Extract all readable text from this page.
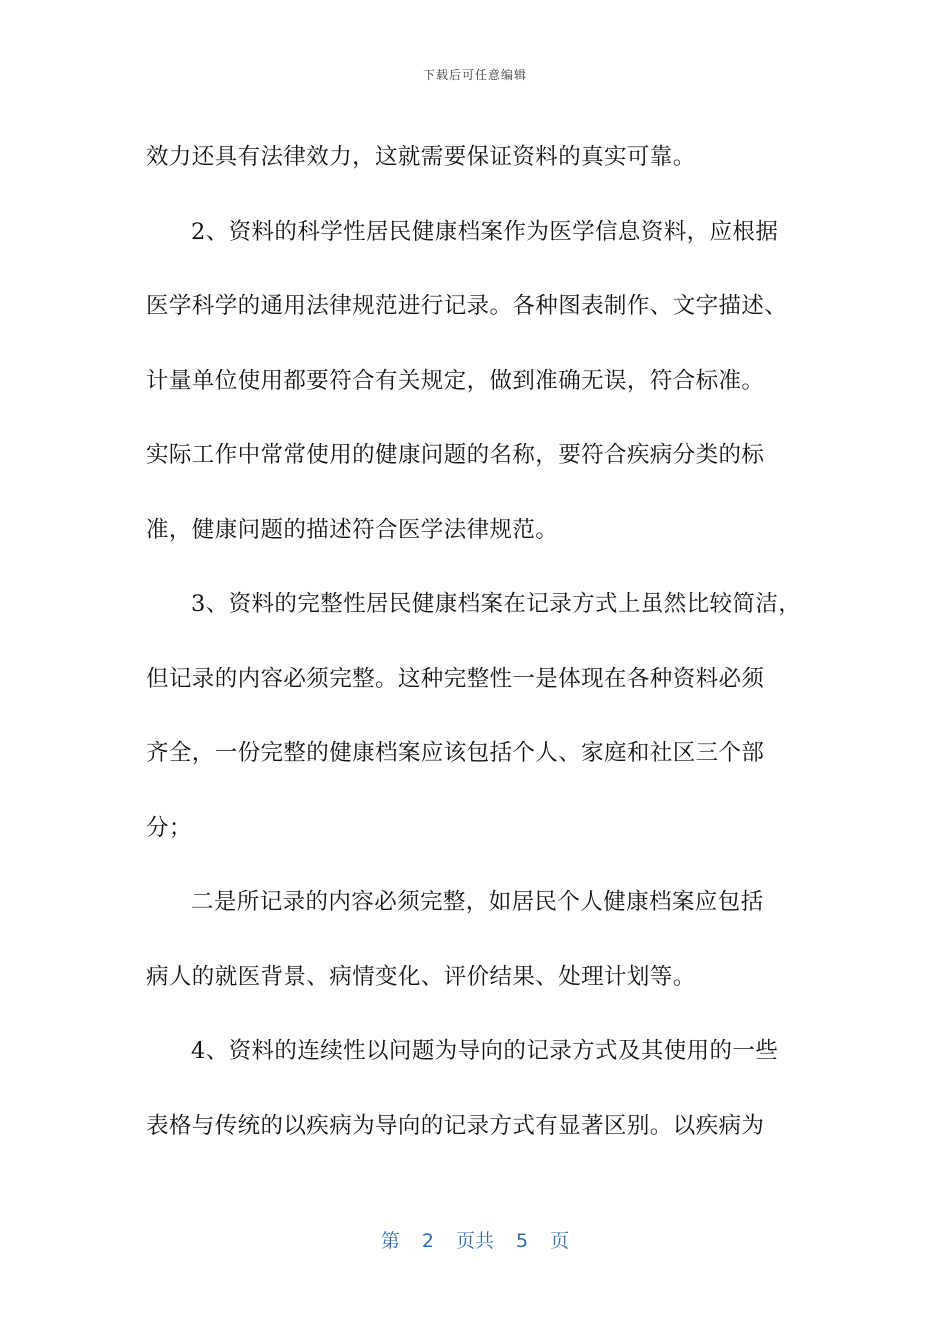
下载后可任意编辑
效力还具有法律效力，这就需要保证资料的真实可靠。
2、资料的科学性居民健康档案作为医学信息资料，应根据
医学科学的通用法律规范进行记录。各种图表制作、文字描述、
计量单位使用都要符合有关规定，做到准确无误，符合标准。
实际工作中常常使用的健康问题的名称，要符合疾病分类的标
准，健康问题的描述符合医学法律规范。
3、资料的完整性居民健康档案在记录方式上虽然比较简洁，
但记录的内容必须完整。这种完整性一是体现在各种资料必须
齐全，一份完整的健康档案应该包括个人、家庭和社区三个部
分；
二是所记录的内容必须完整，如居民个人健康档案应包括
病人的就医背景、病情变化、评价结果、处理计划等。
4、资料的连续性以问题为导向的记录方式及其使用的一些
表格与传统的以疾病为导向的记录方式有显著区别。以疾病为
第 2 页共 5 页
